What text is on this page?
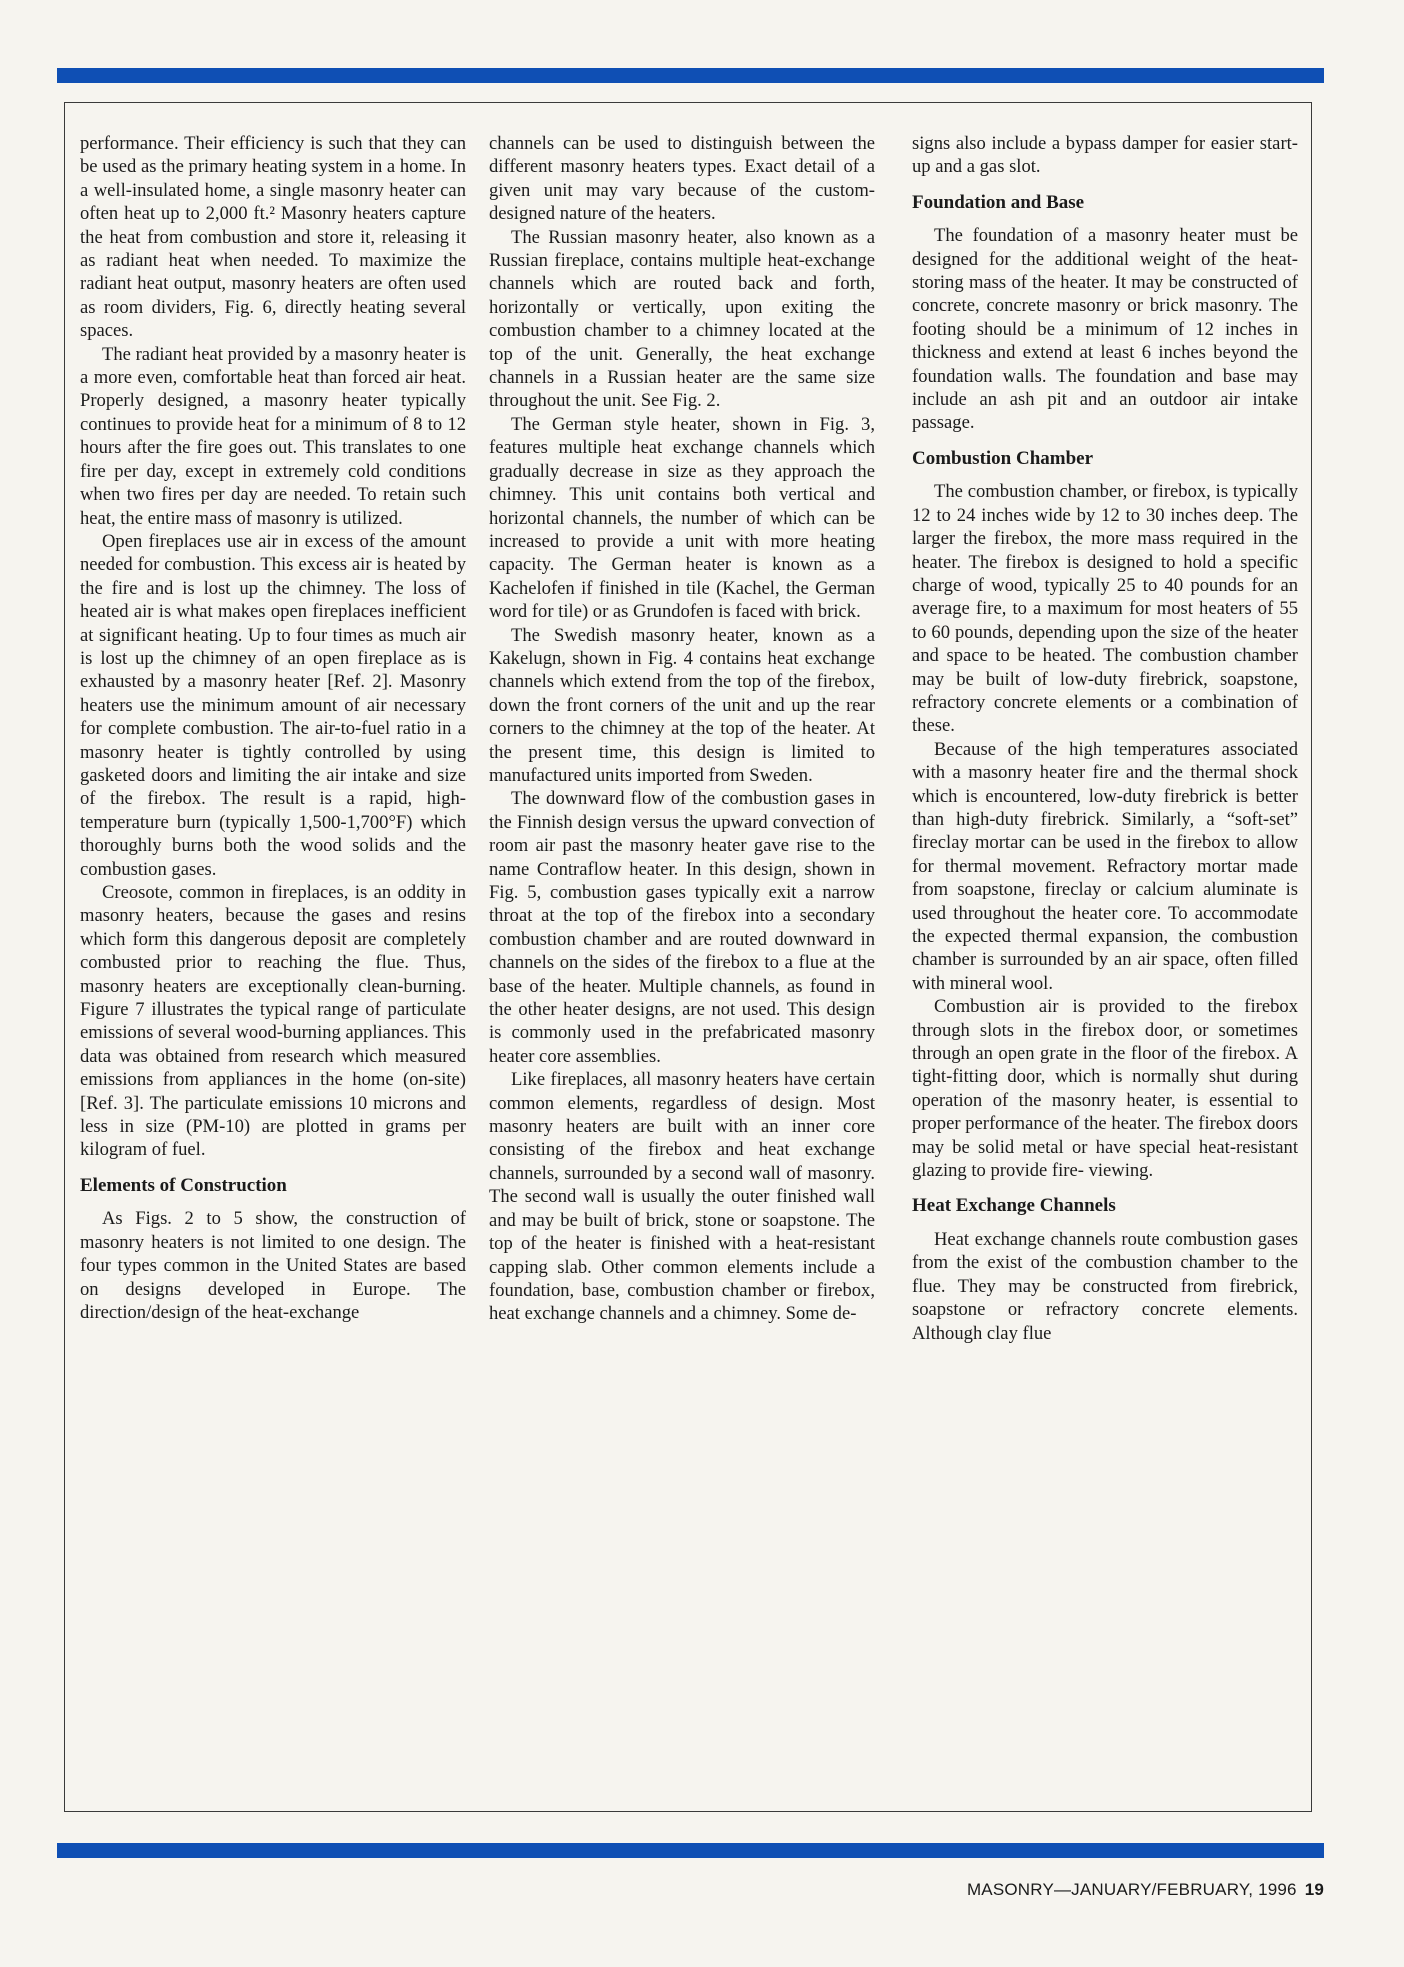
performance. Their efficiency is such that they can be used as the primary heating system in a home. In a well-insulated home, a single masonry heater can often heat up to 2,000 ft.² Masonry heaters capture the heat from combustion and store it, releasing it as radiant heat when needed. To maximize the radiant heat output, masonry heaters are often used as room dividers, Fig. 6, directly heating several spaces.

The radiant heat provided by a masonry heater is a more even, comfortable heat than forced air heat. Properly designed, a masonry heater typically continues to provide heat for a minimum of 8 to 12 hours after the fire goes out. This translates to one fire per day, except in extremely cold conditions when two fires per day are needed. To retain such heat, the entire mass of masonry is utilized.

Open fireplaces use air in excess of the amount needed for combustion. This excess air is heated by the fire and is lost up the chimney. The loss of heated air is what makes open fireplaces inefficient at significant heating. Up to four times as much air is lost up the chimney of an open fireplace as is exhausted by a masonry heater [Ref. 2]. Masonry heaters use the minimum amount of air necessary for complete combustion. The air-to-fuel ratio in a masonry heater is tightly controlled by using gasketed doors and limiting the air intake and size of the firebox. The result is a rapid, high-temperature burn (typically 1,500-1,700°F) which thoroughly burns both the wood solids and the combustion gases.

Creosote, common in fireplaces, is an oddity in masonry heaters, because the gases and resins which form this dangerous deposit are completely combusted prior to reaching the flue. Thus, masonry heaters are exceptionally clean-burning. Figure 7 illustrates the typical range of particulate emissions of several wood-burning appliances. This data was obtained from research which measured emissions from appliances in the home (on-site) [Ref. 3]. The particulate emissions 10 microns and less in size (PM-10) are plotted in grams per kilogram of fuel.

Elements of Construction

As Figs. 2 to 5 show, the construction of masonry heaters is not limited to one design. The four types common in the United States are based on designs developed in Europe. The direction/design of the heat-exchange

channels can be used to distinguish between the different masonry heaters types. Exact detail of a given unit may vary because of the custom-designed nature of the heaters.

The Russian masonry heater, also known as a Russian fireplace, contains multiple heat-exchange channels which are routed back and forth, horizontally or vertically, upon exiting the combustion chamber to a chimney located at the top of the unit. Generally, the heat exchange channels in a Russian heater are the same size throughout the unit. See Fig. 2.

The German style heater, shown in Fig. 3, features multiple heat exchange channels which gradually decrease in size as they approach the chimney. This unit contains both vertical and horizontal channels, the number of which can be increased to provide a unit with more heating capacity. The German heater is known as a Kachelofen if finished in tile (Kachel, the German word for tile) or as Grundofen is faced with brick.

The Swedish masonry heater, known as a Kakelugn, shown in Fig. 4 contains heat exchange channels which extend from the top of the firebox, down the front corners of the unit and up the rear corners to the chimney at the top of the heater. At the present time, this design is limited to manufactured units imported from Sweden.

The downward flow of the combustion gases in the Finnish design versus the upward convection of room air past the masonry heater gave rise to the name Contraflow heater. In this design, shown in Fig. 5, combustion gases typically exit a narrow throat at the top of the firebox into a secondary combustion chamber and are routed downward in channels on the sides of the firebox to a flue at the base of the heater. Multiple channels, as found in the other heater designs, are not used. This design is commonly used in the prefabricated masonry heater core assemblies.

Like fireplaces, all masonry heaters have certain common elements, regardless of design. Most masonry heaters are built with an inner core consisting of the firebox and heat exchange channels, surrounded by a second wall of masonry. The second wall is usually the outer finished wall and may be built of brick, stone or soapstone. The top of the heater is finished with a heat-resistant capping slab. Other common elements include a foundation, base, combustion chamber or firebox, heat exchange channels and a chimney. Some de-

signs also include a bypass damper for easier start-up and a gas slot.

Foundation and Base

The foundation of a masonry heater must be designed for the additional weight of the heat-storing mass of the heater. It may be constructed of concrete, concrete masonry or brick masonry. The footing should be a minimum of 12 inches in thickness and extend at least 6 inches beyond the foundation walls. The foundation and base may include an ash pit and an outdoor air intake passage.

Combustion Chamber

The combustion chamber, or firebox, is typically 12 to 24 inches wide by 12 to 30 inches deep. The larger the firebox, the more mass required in the heater. The firebox is designed to hold a specific charge of wood, typically 25 to 40 pounds for an average fire, to a maximum for most heaters of 55 to 60 pounds, depending upon the size of the heater and space to be heated. The combustion chamber may be built of low-duty firebrick, soapstone, refractory concrete elements or a combination of these.

Because of the high temperatures associated with a masonry heater fire and the thermal shock which is encountered, low-duty firebrick is better than high-duty firebrick. Similarly, a “soft-set” fireclay mortar can be used in the firebox to allow for thermal movement. Refractory mortar made from soapstone, fireclay or calcium aluminate is used throughout the heater core. To accommodate the expected thermal expansion, the combustion chamber is surrounded by an air space, often filled with mineral wool.

Combustion air is provided to the firebox through slots in the firebox door, or sometimes through an open grate in the floor of the firebox. A tight-fitting door, which is normally shut during operation of the masonry heater, is essential to proper performance of the heater. The firebox doors may be solid metal or have special heat-resistant glazing to provide fire- viewing.

Heat Exchange Channels

Heat exchange channels route combustion gases from the exist of the combustion chamber to the flue. They may be constructed from firebrick, soapstone or refractory concrete elements. Although clay flue

MASONRY—JANUARY/FEBRUARY, 1996 19
